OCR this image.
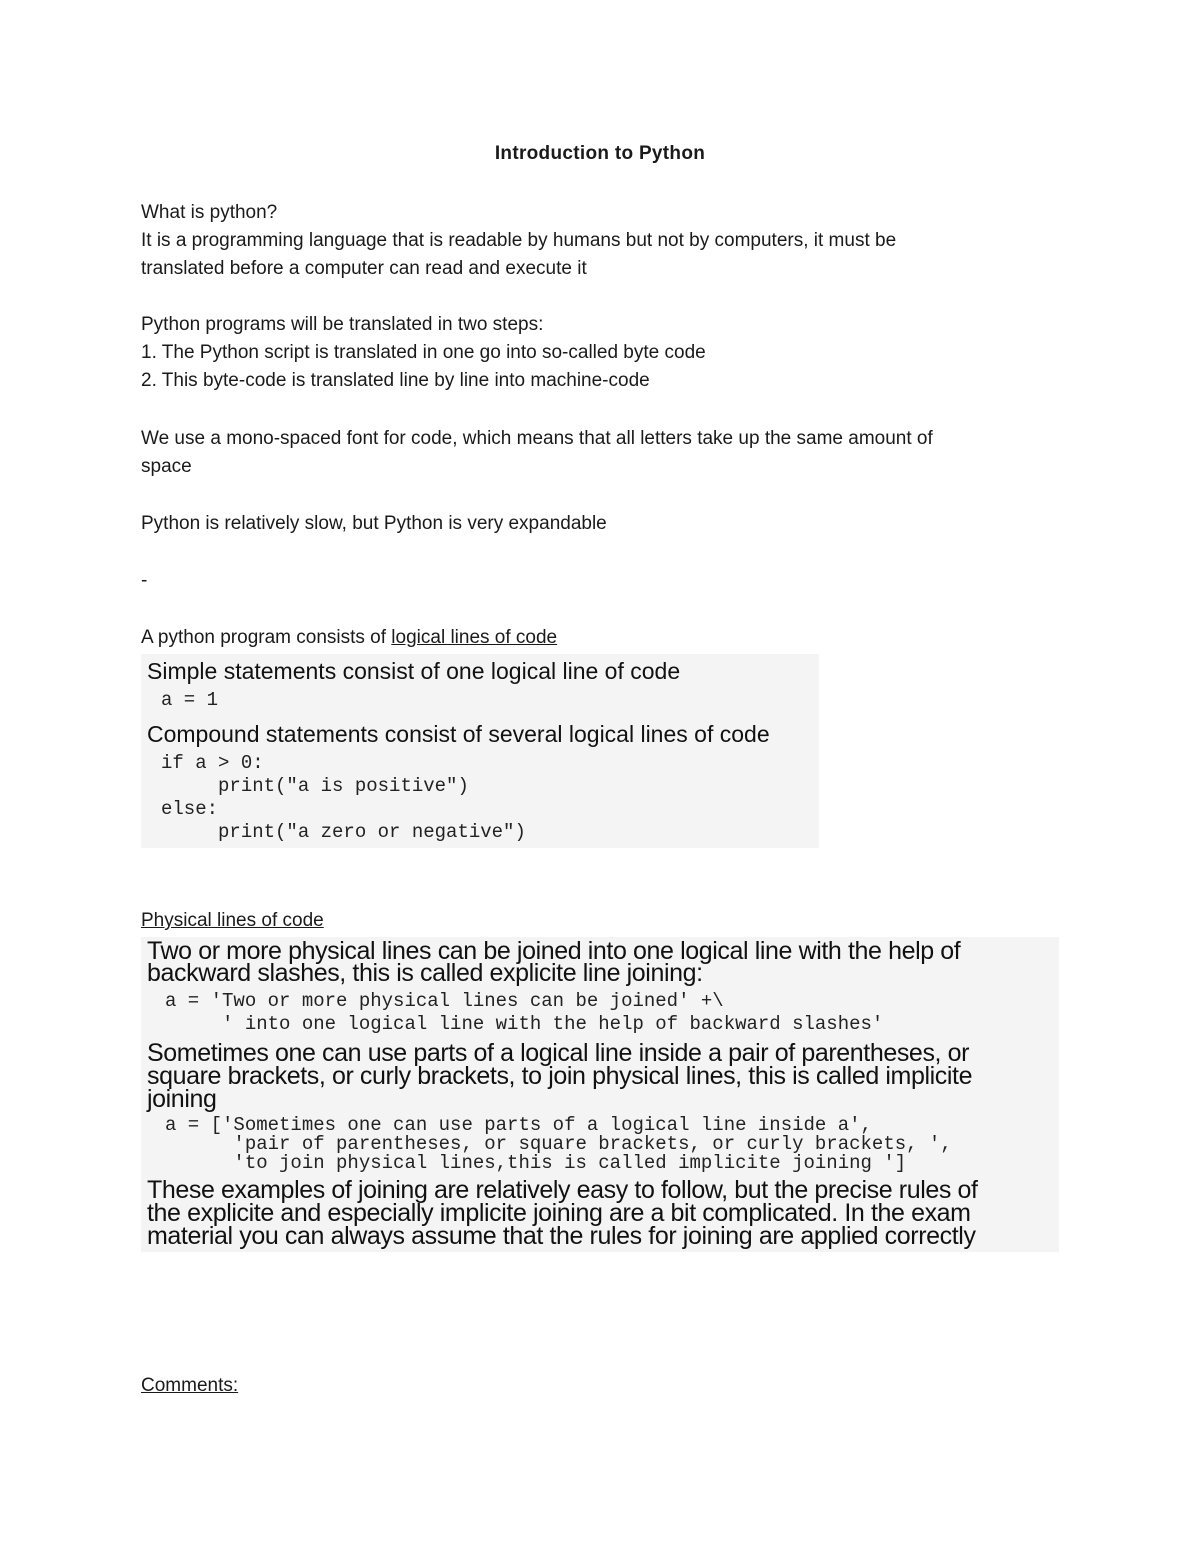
Introduction to Python
What is python?
It is a programming language that is readable by humans but not by computers, it must be
translated before a computer can read and execute it
Python programs will be translated in two steps:
1. The Python script is translated in one go into so-called byte code
2. This byte-code is translated line by line into machine-code
We use a mono-spaced font for code, which means that all letters take up the same amount of
space
Python is relatively slow, but Python is very expandable
-
A python program consists of logical lines of code
Simple statements consist of one logical line of code
a = 1
Compound statements consist of several logical lines of code
if a > 0:
print("a is positive")
else:
print("a zero or negative")
Physical lines of code
Two or more physical lines can be joined into one logical line with the help of
backward slashes, this is called explicite line joining:
a = 'Two or more physical lines can be joined' +\
' into one logical line with the help of backward slashes'
Sometimes one can use parts of a logical line inside a pair of parentheses, or
square brackets, or curly brackets, to join physical lines, this is called implicite
joining
a = ['Sometimes one can use parts of a logical line inside a',
'pair of parentheses, or square brackets, or curly brackets, ',
'to join physical lines,this is called implicite joining ']
These examples of joining are relatively easy to follow, but the precise rules of
the explicite and especially implicite joining are a bit complicated. In the exam
material you can always assume that the rules for joining are applied correctly
Comments:
